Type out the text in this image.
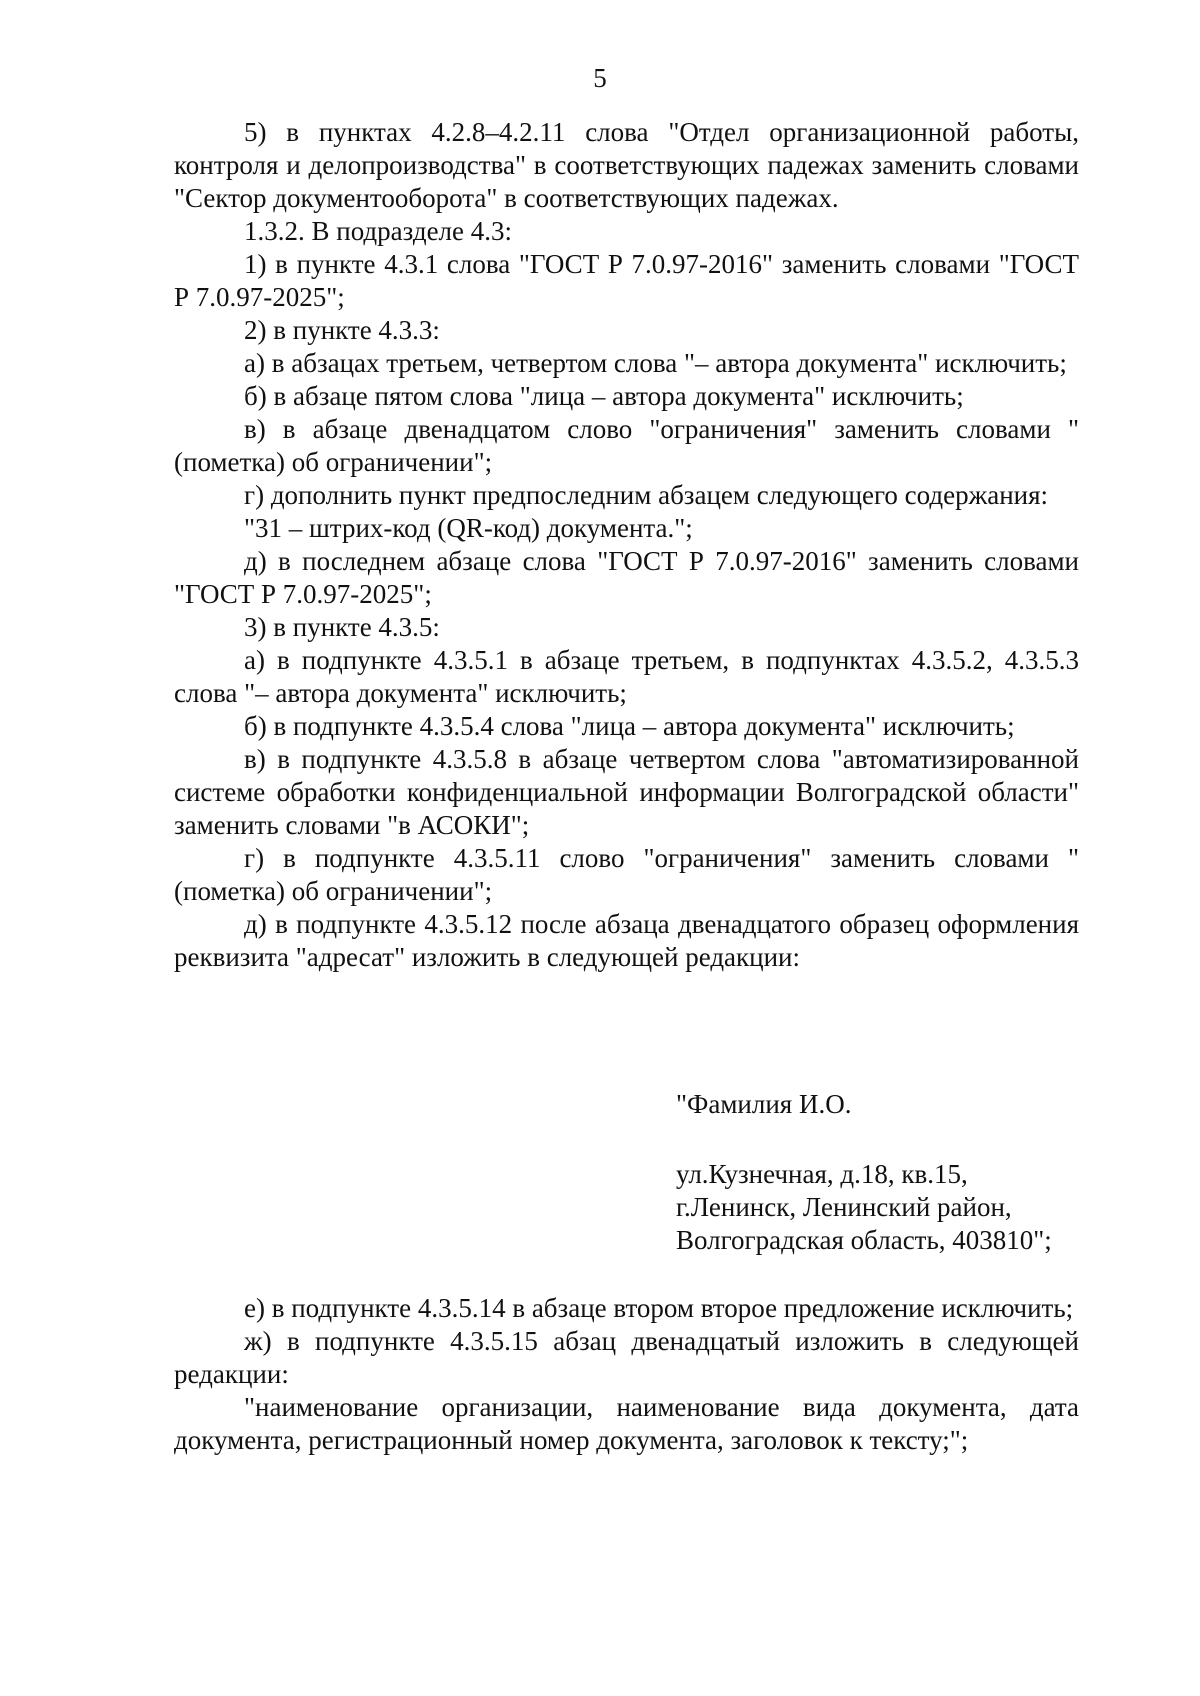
5

5) в пунктах 4.2.8–4.2.11 слова "Отдел организационной работы, контроля и делопроизводства" в соответствующих падежах заменить словами "Сектор документооборота" в соответствующих падежах.

1.3.2. В подразделе 4.3:

1) в пункте 4.3.1 слова "ГОСТ Р 7.0.97-2016" заменить словами "ГОСТ Р 7.0.97-2025";

2) в пункте 4.3.3:

а) в абзацах третьем, четвертом слова "– автора документа" исключить;

б) в абзаце пятом слова "лица – автора документа" исключить;

в) в абзаце двенадцатом слово "ограничения" заменить словами "(пометка) об ограничении";

г) дополнить пункт предпоследним абзацем следующего содержания:

"31 – штрих-код (QR-код) документа.";

д) в последнем абзаце слова "ГОСТ Р 7.0.97-2016" заменить словами "ГОСТ Р 7.0.97-2025";

3) в пункте 4.3.5:

а) в подпункте 4.3.5.1 в абзаце третьем, в подпунктах 4.3.5.2, 4.3.5.3 слова "– автора документа" исключить;

б) в подпункте 4.3.5.4 слова "лица – автора документа" исключить;

в) в подпункте 4.3.5.8 в абзаце четвертом слова "автоматизированной системе обработки конфиденциальной информации Волгоградской области" заменить словами "в АСОКИ";

г) в подпункте 4.3.5.11 слово "ограничения" заменить словами "(пометка) об ограничении";

д) в подпункте 4.3.5.12 после абзаца двенадцатого образец оформления реквизита "адресат" изложить в следующей редакции:

"Фамилия И.О.
ул.Кузнечная, д.18, кв.15,
г.Ленинск, Ленинский район,
Волгоградская область, 403810";

е) в подпункте 4.3.5.14 в абзаце втором второе предложение исключить;

ж) в подпункте 4.3.5.15 абзац двенадцатый изложить в следующей редакции:

"наименование организации, наименование вида документа, дата документа, регистрационный номер документа, заголовок к тексту;";
